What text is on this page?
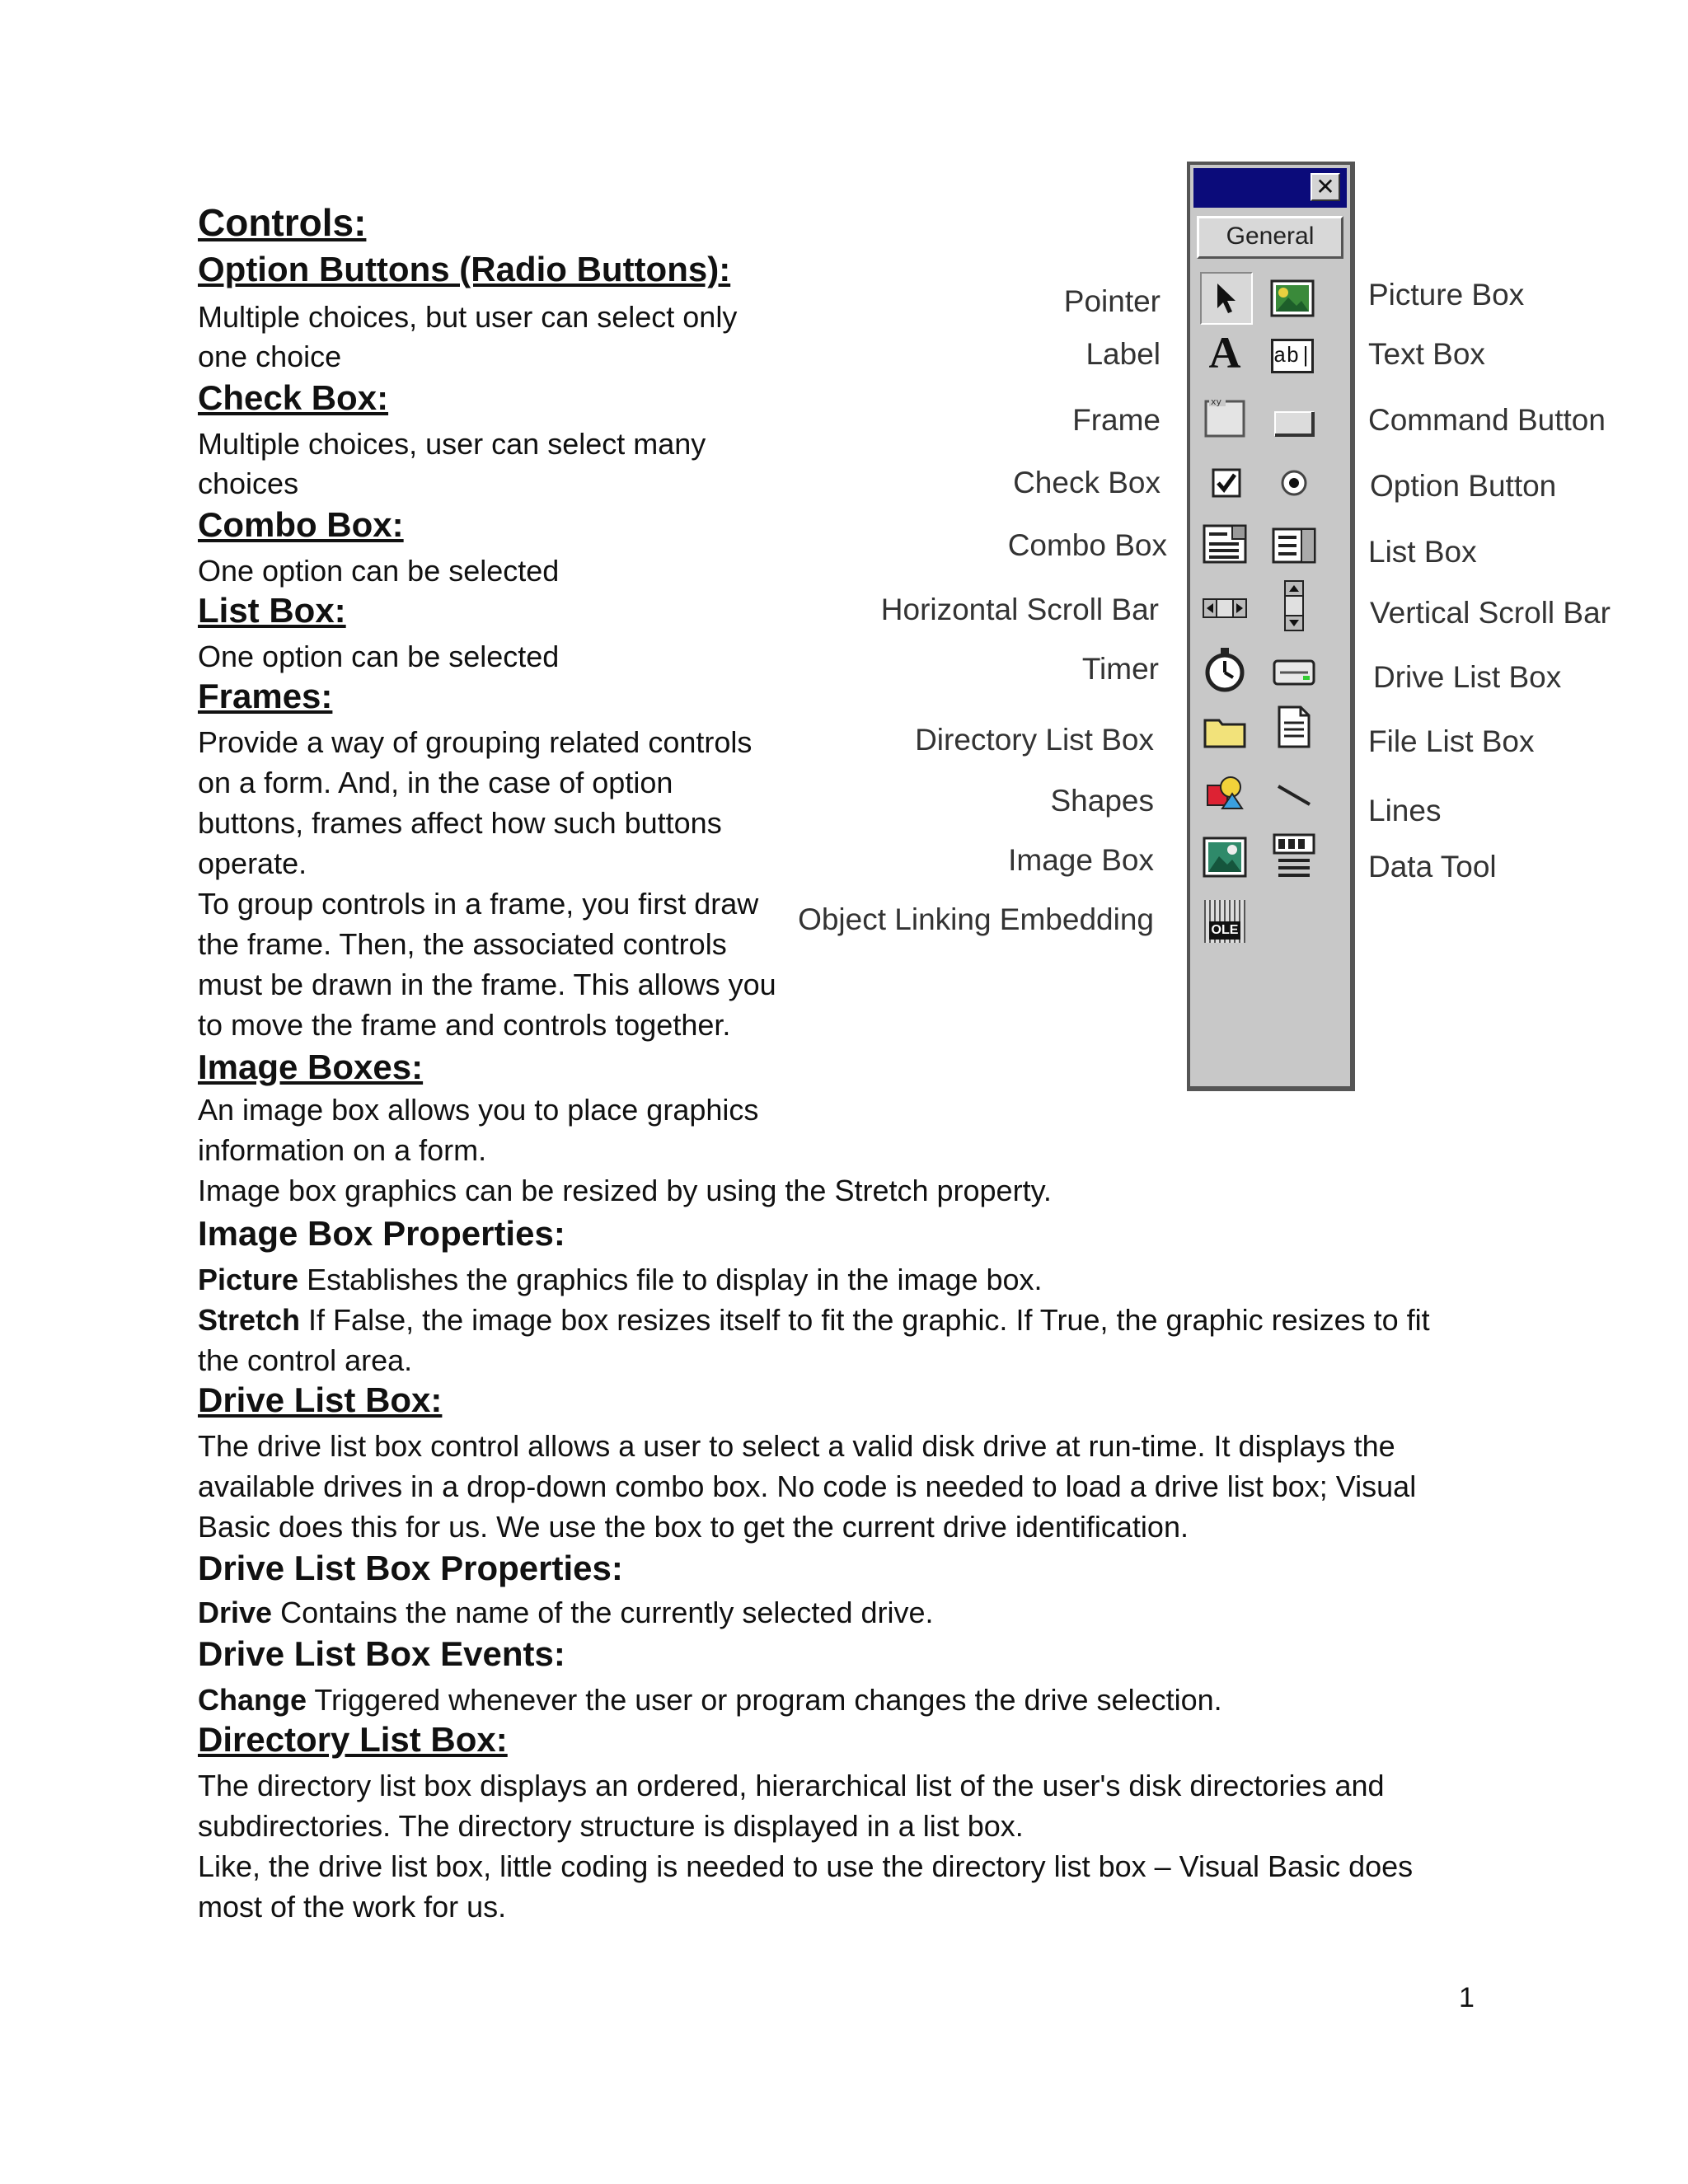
Controls:
Option Buttons (Radio Buttons):
Multiple choices, but user can select only
one choice
Check Box:
Multiple choices, user can select many
choices
Combo Box:
One option can be selected
List Box:
One option can be selected
Frames:
Provide a way of grouping related controls
on a form. And, in the case of option
buttons, frames affect how such buttons
operate.
To group controls in a frame, you first draw
the frame. Then, the associated controls
must be drawn in the frame. This allows you
to move the frame and controls together.
Image Boxes:
An image box allows you to place graphics
information on a form.
Image box graphics can be resized by using the Stretch property.
Image Box Properties:
Picture Establishes the graphics file to display in the image box.
Stretch If False, the image box resizes itself to fit the graphic. If True, the graphic resizes to fit
the control area.
Drive List Box:
The drive list box control allows a user to select a valid disk drive at run-time. It displays the
available drives in a drop-down combo box. No code is needed to load a drive list box; Visual
Basic does this for us. We use the box to get the current drive identification.
Drive List Box Properties:
Drive Contains the name of the currently selected drive.
Drive List Box Events:
Change Triggered whenever the user or program changes the drive selection.
Directory List Box:
The directory list box displays an ordered, hierarchical list of the user's disk directories and
subdirectories. The directory structure is displayed in a list box.
Like, the drive list box, little coding is needed to use the directory list box – Visual Basic does
most of the work for us.
1
Pointer
Label
Frame
Check Box
Combo Box
Horizontal Scroll Bar
Timer
Directory List Box
Shapes
Image Box
Object Linking Embedding
Picture Box
Text Box
Command Button
Option Button
List Box
Vertical Scroll Bar
Drive List Box
File List Box
Lines
Data Tool
✕
General
A ab|
xy
OLE
